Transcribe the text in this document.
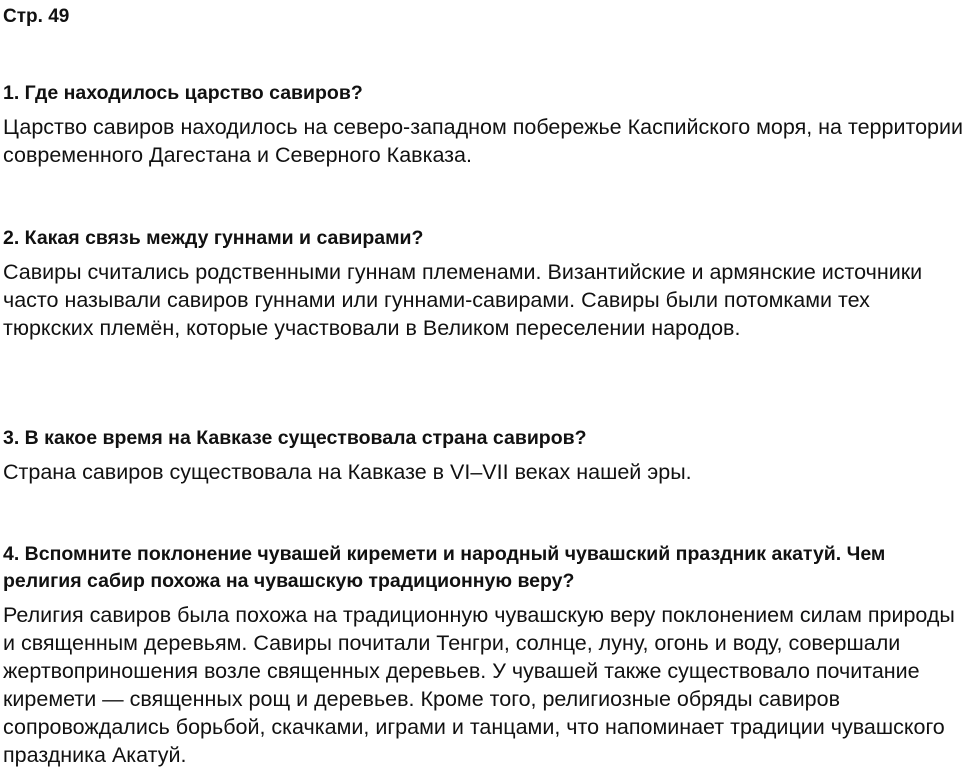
Стр. 49

1. Где находилось царство савиров?

Царство савиров находилось на северо-западном побережье Каспийского моря, на территории современного Дагестана и Северного Кавказа.

2. Какая связь между гуннами и савирами?

Савиры считались родственными гуннам племенами. Византийские и армянские источники часто называли савиров гуннами или гуннами-савирами. Савиры были потомками тех тюркских племён, которые участвовали в Великом переселении народов.

3. В какое время на Кавказе существовала страна савиров?

Страна савиров существовала на Кавказе в VI–VII веках нашей эры.

4. Вспомните поклонение чувашей киремети и народный чувашский праздник акатуй. Чем религия сабир похожа на чувашскую традиционную веру?

Религия савиров была похожа на традиционную чувашскую веру поклонением силам природы и священным деревьям. Савиры почитали Тенгри, солнце, луну, огонь и воду, совершали жертвоприношения возле священных деревьев. У чувашей также существовало почитание киремети — священных рощ и деревьев. Кроме того, религиозные обряды савиров сопровождались борьбой, скачками, играми и танцами, что напоминает традиции чувашского праздника Акатуй.
